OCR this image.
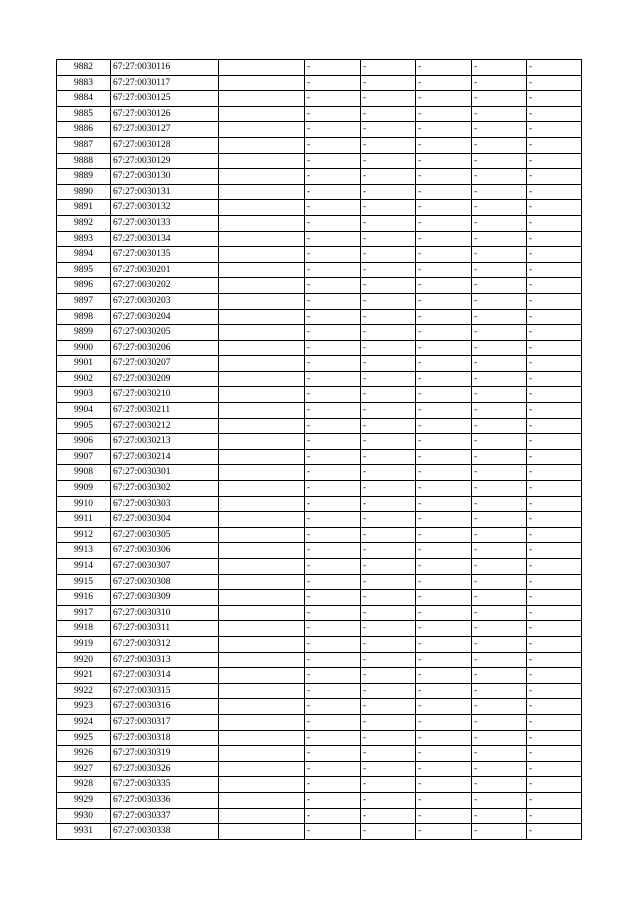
9882	67:27:0030116		-	-	-	-	-
9883	67:27:0030117		-	-	-	-	-
9884	67:27:0030125		-	-	-	-	-
9885	67:27:0030126		-	-	-	-	-
9886	67:27:0030127		-	-	-	-	-
9887	67:27:0030128		-	-	-	-	-
9888	67:27:0030129		-	-	-	-	-
9889	67:27:0030130		-	-	-	-	-
9890	67:27:0030131		-	-	-	-	-
9891	67:27:0030132		-	-	-	-	-
9892	67:27:0030133		-	-	-	-	-
9893	67:27:0030134		-	-	-	-	-
9894	67:27:0030135		-	-	-	-	-
9895	67:27:0030201		-	-	-	-	-
9896	67:27:0030202		-	-	-	-	-
9897	67:27:0030203		-	-	-	-	-
9898	67:27:0030204		-	-	-	-	-
9899	67:27:0030205		-	-	-	-	-
9900	67:27:0030206		-	-	-	-	-
9901	67:27:0030207		-	-	-	-	-
9902	67:27:0030209		-	-	-	-	-
9903	67:27:0030210		-	-	-	-	-
9904	67:27:0030211		-	-	-	-	-
9905	67:27:0030212		-	-	-	-	-
9906	67:27:0030213		-	-	-	-	-
9907	67:27:0030214		-	-	-	-	-
9908	67:27:0030301		-	-	-	-	-
9909	67:27:0030302		-	-	-	-	-
9910	67:27:0030303		-	-	-	-	-
9911	67:27:0030304		-	-	-	-	-
9912	67:27:0030305		-	-	-	-	-
9913	67:27:0030306		-	-	-	-	-
9914	67:27:0030307		-	-	-	-	-
9915	67:27:0030308		-	-	-	-	-
9916	67:27:0030309		-	-	-	-	-
9917	67:27:0030310		-	-	-	-	-
9918	67:27:0030311		-	-	-	-	-
9919	67:27:0030312		-	-	-	-	-
9920	67:27:0030313		-	-	-	-	-
9921	67:27:0030314		-	-	-	-	-
9922	67:27:0030315		-	-	-	-	-
9923	67:27:0030316		-	-	-	-	-
9924	67:27:0030317		-	-	-	-	-
9925	67:27:0030318		-	-	-	-	-
9926	67:27:0030319		-	-	-	-	-
9927	67:27:0030326		-	-	-	-	-
9928	67:27:0030335		-	-	-	-	-
9929	67:27:0030336		-	-	-	-	-
9930	67:27:0030337		-	-	-	-	-
9931	67:27:0030338		-	-	-	-	-
